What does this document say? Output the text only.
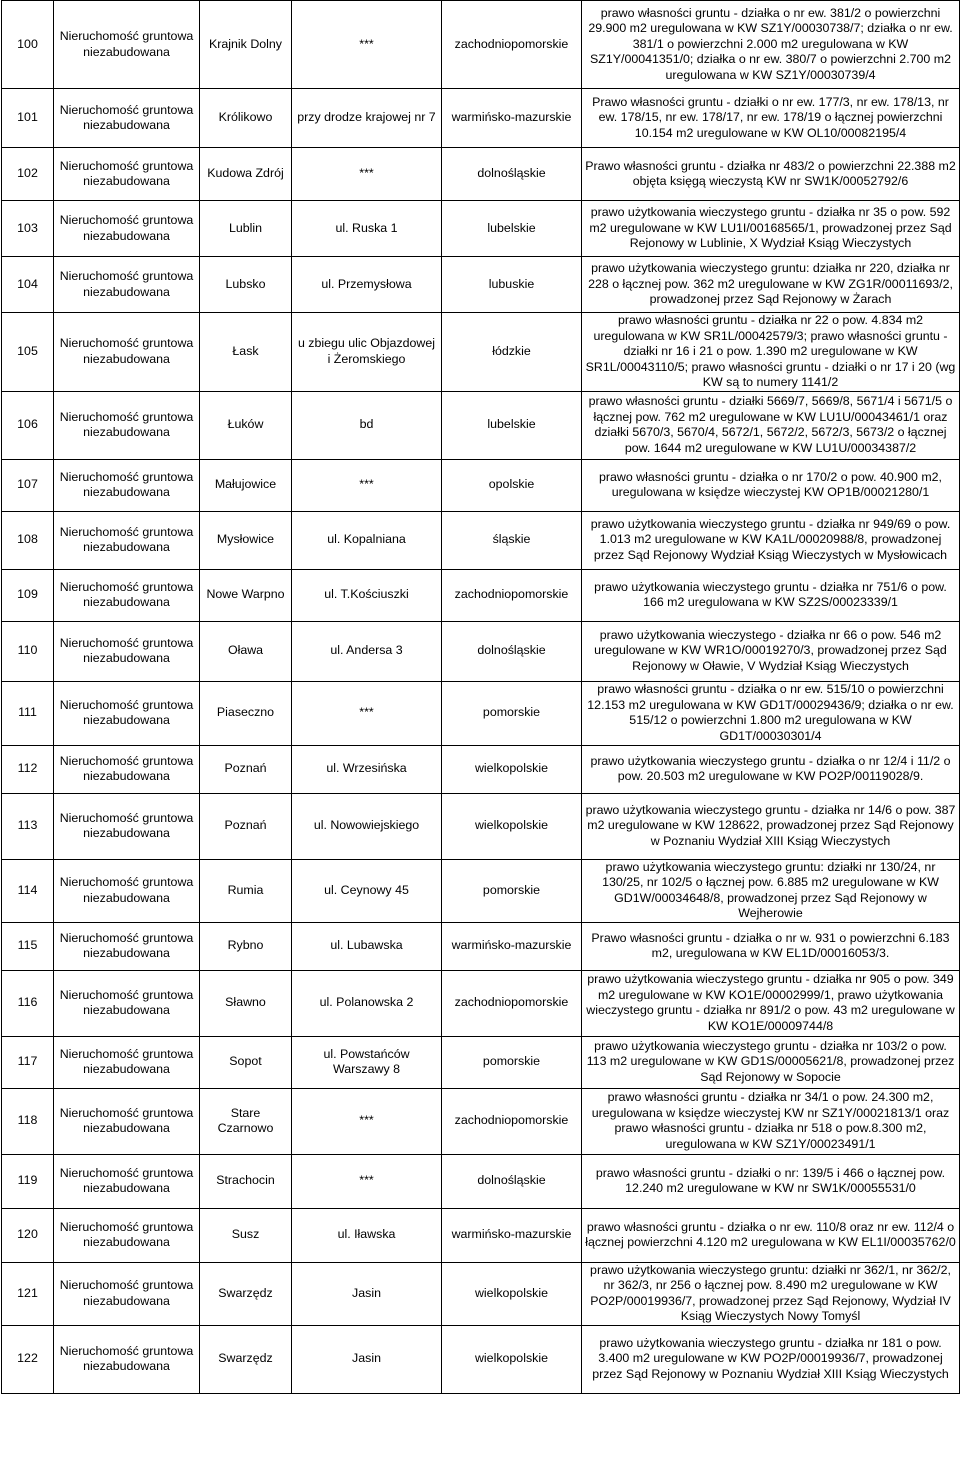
100	Nieruchomość gruntowa niezabudowana	Krajnik Dolny	***	zachodniopomorskie	prawo własności gruntu - działka o nr ew. 381/2 o powierzchni 29.900 m2 uregulowana w KW SZ1Y/00030738/7; działka o nr ew. 381/1 o powierzchni 2.000 m2 uregulowana w KW SZ1Y/00041351/0; działka o nr ew. 380/7 o powierzchni 2.700 m2 uregulowana w KW SZ1Y/00030739/4
101	Nieruchomość gruntowa niezabudowana	Królikowo	przy drodze krajowej nr 7	warmińsko-mazurskie	Prawo własności gruntu - działki o nr ew. 177/3, nr ew. 178/13, nr ew. 178/15, nr ew. 178/17, nr ew. 178/19 o łącznej powierzchni 10.154 m2 uregulowane w KW OL10/00082195/4
102	Nieruchomość gruntowa niezabudowana	Kudowa Zdrój	***	dolnośląskie	Prawo własności gruntu - działka nr 483/2 o powierzchni 22.388 m2 objęta księgą wieczystą KW nr SW1K/00052792/6
103	Nieruchomość gruntowa niezabudowana	Lublin	ul. Ruska 1	lubelskie	prawo użytkowania wieczystego gruntu - działka nr 35 o pow. 592 m2 uregulowane w KW LU1I/00168565/1, prowadzonej przez Sąd Rejonowy w Lublinie, X Wydział Ksiąg Wieczystych
104	Nieruchomość gruntowa niezabudowana	Lubsko	ul. Przemysłowa	lubuskie	prawo użytkowania wieczystego gruntu: działka nr 220, działka nr 228 o łącznej pow. 362 m2 uregulowane w KW ZG1R/00011693/2, prowadzonej przez Sąd Rejonowy w Żarach
105	Nieruchomość gruntowa niezabudowana	Łask	u zbiegu ulic Objazdowej i Żeromskiego	łódzkie	prawo własności gruntu - działka nr 22 o pow. 4.834 m2 uregulowana w KW SR1L/00042579/3; prawo własności gruntu - działki nr 16 i 21 o pow. 1.390 m2 uregulowane w KW SR1L/00043110/5; prawo własności gruntu - działki o nr 17 i 20 (wg KW są to numery 1141/2
106	Nieruchomość gruntowa niezabudowana	Łuków	bd	lubelskie	prawo własności gruntu - działki 5669/7, 5669/8, 5671/4 i 5671/5 o łącznej pow. 762 m2 uregulowane w KW LU1U/00043461/1 oraz działki 5670/3, 5670/4, 5672/1, 5672/2, 5672/3, 5673/2 o łącznej pow. 1644 m2 uregulowane w KW LU1U/00034387/2
107	Nieruchomość gruntowa niezabudowana	Małujowice	***	opolskie	prawo własności gruntu - działka o nr 170/2 o pow. 40.900 m2, uregulowana w księdze wieczystej KW OP1B/00021280/1
108	Nieruchomość gruntowa niezabudowana	Mysłowice	ul. Kopalniana	śląskie	prawo użytkowania wieczystego gruntu - działka nr 949/69 o pow. 1.013 m2 uregulowane w KW KA1L/00020988/8, prowadzonej przez Sąd Rejonowy Wydział Ksiąg Wieczystych w Mysłowicach
109	Nieruchomość gruntowa niezabudowana	Nowe Warpno	ul. T.Kościuszki	zachodniopomorskie	prawo użytkowania wieczystego gruntu - działka nr 751/6 o pow. 166 m2 uregulowana w KW SZ2S/00023339/1
110	Nieruchomość gruntowa niezabudowana	Oława	ul. Andersa 3	dolnośląskie	prawo użytkowania wieczystego - działka nr 66 o pow. 546 m2 uregulowane w KW WR1O/00019270/3, prowadzonej przez Sąd Rejonowy w Oławie, V Wydział Ksiąg Wieczystych
111	Nieruchomość gruntowa niezabudowana	Piaseczno	***	pomorskie	prawo własności gruntu - działka o nr ew. 515/10 o powierzchni 12.153 m2 uregulowana w KW GD1T/00029436/9; działka o nr ew. 515/12 o powierzchni 1.800 m2 uregulowana w KW GD1T/00030301/4
112	Nieruchomość gruntowa niezabudowana	Poznań	ul. Wrzesińska	wielkopolskie	prawo użytkowania wieczystego gruntu - działka o nr 12/4 i 11/2 o pow. 20.503 m2 uregulowane w KW PO2P/00119028/9.
113	Nieruchomość gruntowa niezabudowana	Poznań	ul. Nowowiejskiego	wielkopolskie	prawo użytkowania wieczystego gruntu - działka nr 14/6 o pow. 387 m2 uregulowane w KW 128622, prowadzonej przez Sąd Rejonowy w Poznaniu Wydział XIII Ksiąg Wieczystych
114	Nieruchomość gruntowa niezabudowana	Rumia	ul. Ceynowy 45	pomorskie	prawo użytkowania wieczystego gruntu: działki nr 130/24, nr 130/25, nr 102/5 o łącznej pow. 6.885 m2 uregulowane w KW GD1W/00034648/8, prowadzonej przez Sąd Rejonowy w Wejherowie
115	Nieruchomość gruntowa niezabudowana	Rybno	ul. Lubawska	warmińsko-mazurskie	Prawo własności gruntu - działka o nr w. 931 o powierzchni 6.183 m2, uregulowana w KW EL1D/00016053/3.
116	Nieruchomość gruntowa niezabudowana	Sławno	ul. Polanowska 2	zachodniopomorskie	prawo użytkowania wieczystego gruntu - działka nr 905 o pow. 349 m2 uregulowane w KW KO1E/00002999/1, prawo użytkowania wieczystego gruntu - działka nr 891/2 o pow. 43 m2 uregulowane w KW KO1E/00009744/8
117	Nieruchomość gruntowa niezabudowana	Sopot	ul. Powstańców Warszawy 8	pomorskie	prawo użytkowania wieczystego gruntu - działka nr 103/2 o pow. 113 m2 uregulowane w KW GD1S/00005621/8, prowadzonej przez Sąd Rejonowy w Sopocie
118	Nieruchomość gruntowa niezabudowana	Stare Czarnowo	***	zachodniopomorskie	prawo własności gruntu - działka nr 34/1 o pow. 24.300 m2, uregulowana w księdze wieczystej KW nr SZ1Y/00021813/1 oraz prawo własności gruntu - działka nr 518 o pow.8.300 m2, uregulowana w KW SZ1Y/00023491/1
119	Nieruchomość gruntowa niezabudowana	Strachocin	***	dolnośląskie	prawo własności gruntu - działki o nr: 139/5 i 466 o łącznej pow. 12.240 m2 uregulowane w KW nr SW1K/00055531/0
120	Nieruchomość gruntowa niezabudowana	Susz	ul. Iławska	warmińsko-mazurskie	prawo własności gruntu - działka o nr ew. 110/8 oraz nr ew. 112/4 o łącznej powierzchni 4.120 m2 uregulowana w KW EL1I/00035762/0
121	Nieruchomość gruntowa niezabudowana	Swarzędz	Jasin	wielkopolskie	prawo użytkowania wieczystego gruntu: działki nr 362/1, nr 362/2, nr 362/3, nr 256 o łącznej pow. 8.490 m2 uregulowane w KW PO2P/00019936/7, prowadzonej przez Sąd Rejonowy, Wydział IV Ksiąg Wieczystych Nowy Tomyśl
122	Nieruchomość gruntowa niezabudowana	Swarzędz	Jasin	wielkopolskie	prawo użytkowania wieczystego gruntu - działka nr 181 o pow. 3.400 m2 uregulowane w KW PO2P/00019936/7, prowadzonej przez Sąd Rejonowy w Poznaniu Wydział XIII Ksiąg Wieczystych
